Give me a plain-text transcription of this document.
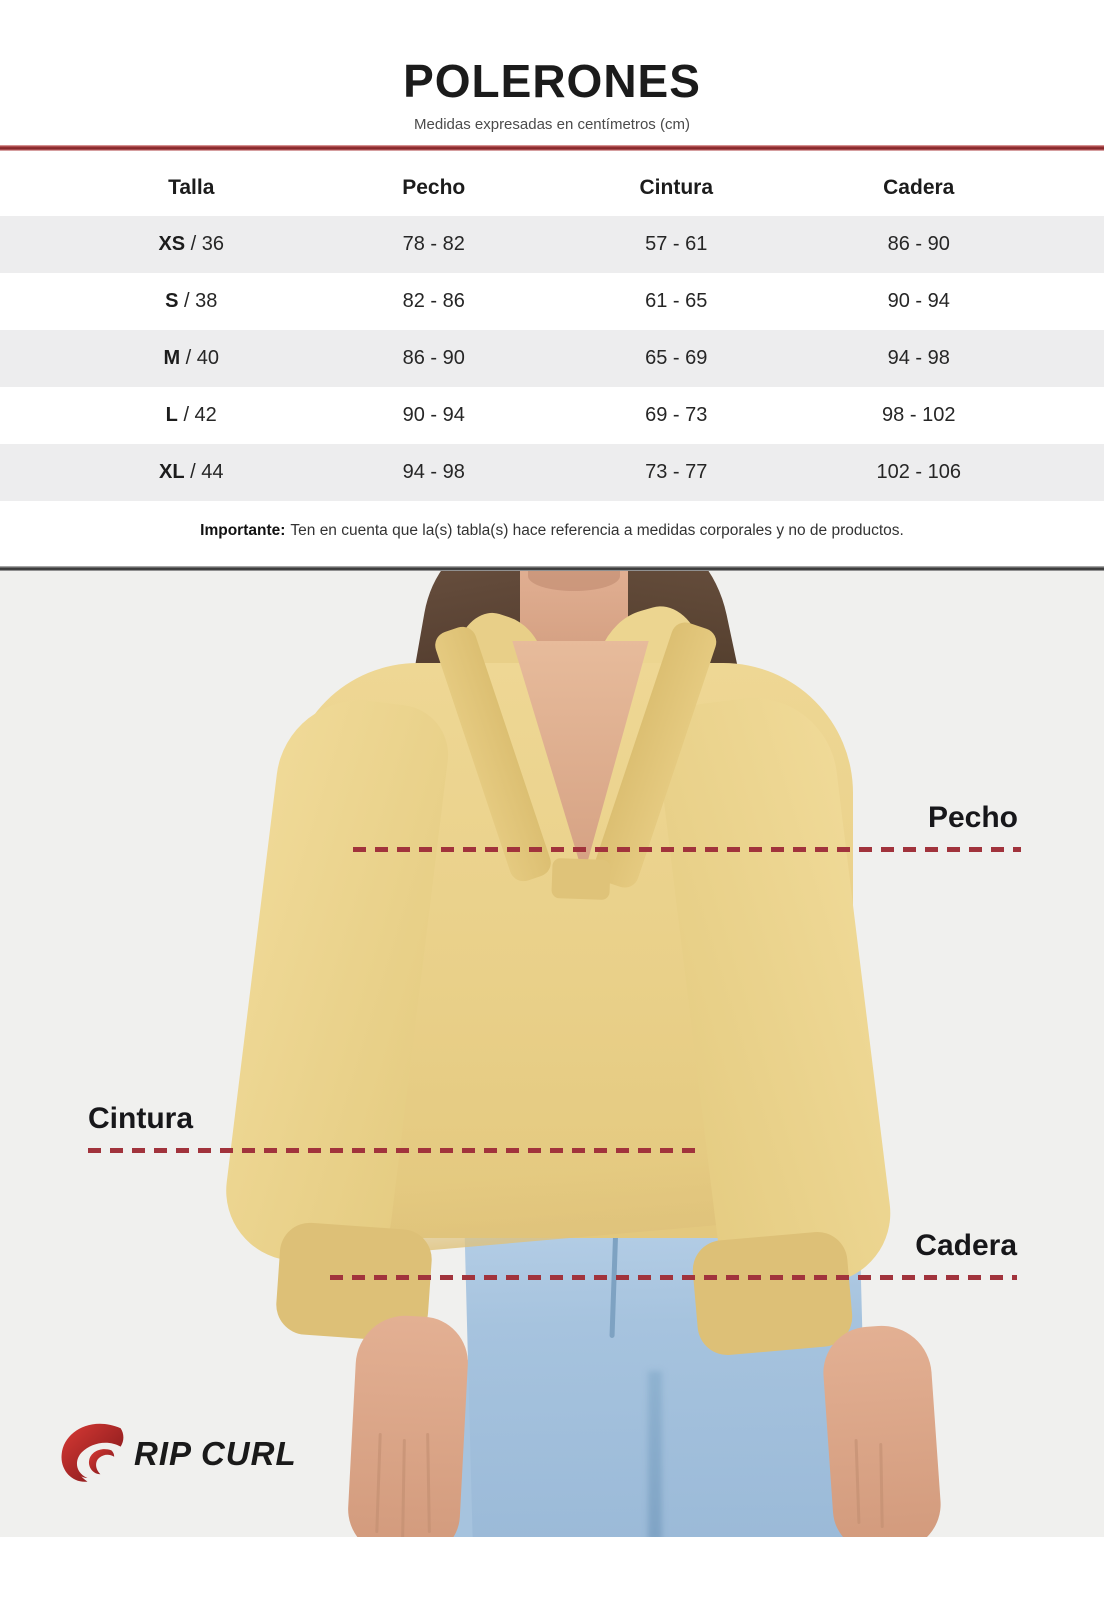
POLERONES
Medidas expresadas en centímetros (cm)
Talla	Pecho	Cintura	Cadera
XS / 36	78 - 82	57 - 61	86 - 90
S / 38	82 - 86	61 - 65	90 - 94
M / 40	86 - 90	65 - 69	94 - 98
L / 42	90 - 94	69 - 73	98 - 102
XL / 44	94 - 98	73 - 77	102 - 106
Importante: Ten en cuenta que la(s) tabla(s) hace referencia a medidas corporales y no de productos.
Pecho
Cintura
Cadera
RIP CURL
